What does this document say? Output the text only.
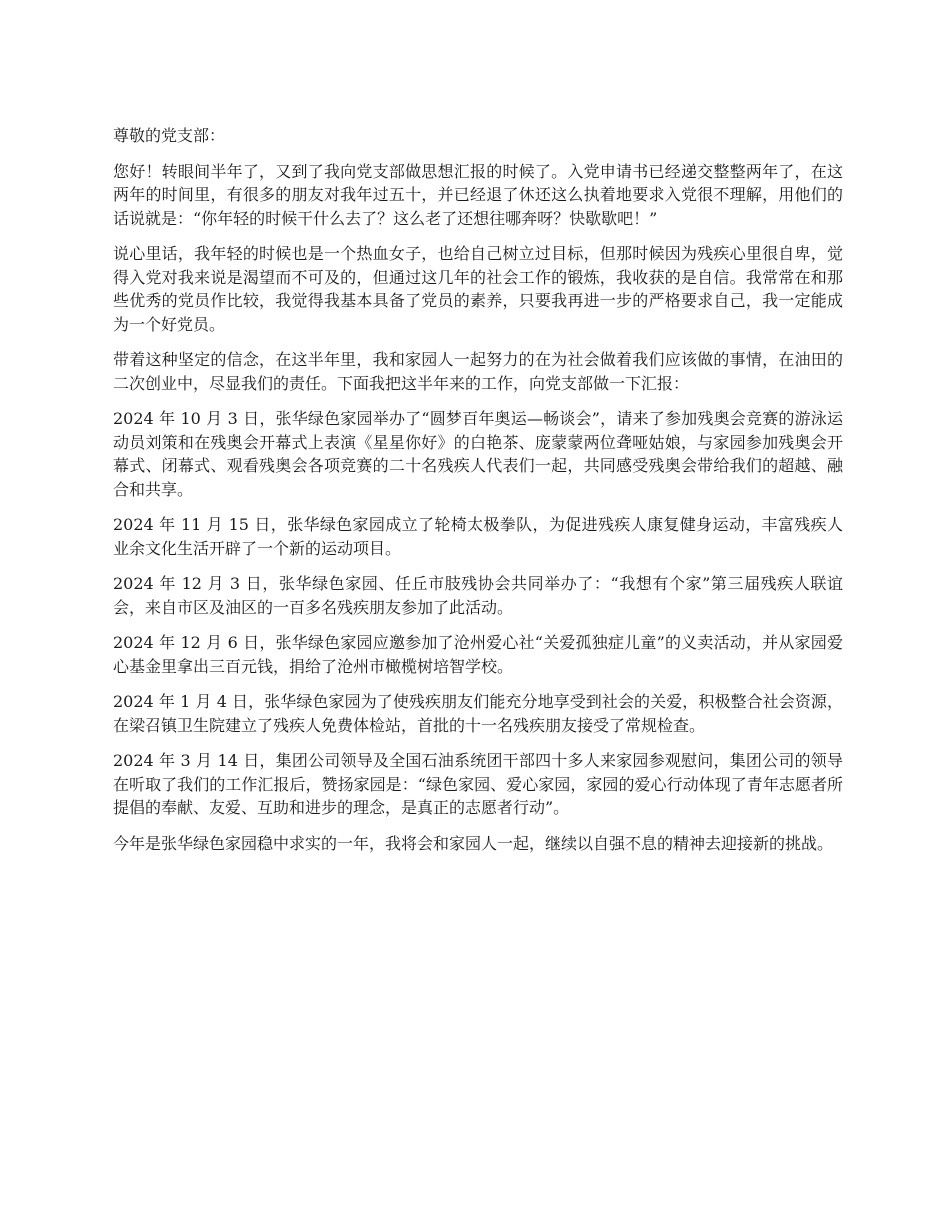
尊敬的党支部：

您好！转眼间半年了，又到了我向党支部做思想汇报的时候了。入党申请书已经递交整整两年了，在这两年的时间里，有很多的朋友对我年过五十，并已经退了休还这么执着地要求入党很不理解，用他们的话说就是：“你年轻的时候干什么去了？这么老了还想往哪奔呀？快歇歇吧！”

说心里话，我年轻的时候也是一个热血女子，也给自己树立过目标，但那时候因为残疾心里很自卑，觉得入党对我来说是渴望而不可及的，但通过这几年的社会工作的锻炼，我收获的是自信。我常常在和那些优秀的党员作比较，我觉得我基本具备了党员的素养，只要我再进一步的严格要求自己，我一定能成为一个好党员。

带着这种坚定的信念，在这半年里，我和家园人一起努力的在为社会做着我们应该做的事情，在油田的二次创业中，尽显我们的责任。下面我把这半年来的工作，向党支部做一下汇报：

2024 年 10 月 3 日，张华绿色家园举办了“圆梦百年奥运—畅谈会”，请来了参加残奥会竞赛的游泳运动员刘策和在残奥会开幕式上表演《星星你好》的白艳茶、庞蒙蒙两位聋哑姑娘，与家园参加残奥会开幕式、闭幕式、观看残奥会各项竞赛的二十名残疾人代表们一起，共同感受残奥会带给我们的超越、融合和共享。

2024 年 11 月 15 日，张华绿色家园成立了轮椅太极拳队，为促进残疾人康复健身运动，丰富残疾人业余文化生活开辟了一个新的运动项目。

2024 年 12 月 3 日，张华绿色家园、任丘市肢残协会共同举办了：“我想有个家”第三届残疾人联谊会，来自市区及油区的一百多名残疾朋友参加了此活动。

2024 年 12 月 6 日，张华绿色家园应邀参加了沧州爱心社“关爱孤独症儿童”的义卖活动，并从家园爱心基金里拿出三百元钱，捐给了沧州市橄榄树培智学校。

2024 年 1 月 4 日，张华绿色家园为了使残疾朋友们能充分地享受到社会的关爱，积极整合社会资源，在梁召镇卫生院建立了残疾人免费体检站，首批的十一名残疾朋友接受了常规检查。

2024 年 3 月 14 日，集团公司领导及全国石油系统团干部四十多人来家园参观慰问，集团公司的领导在听取了我们的工作汇报后，赞扬家园是：“绿色家园、爱心家园，家园的爱心行动体现了青年志愿者所提倡的奉献、友爱、互助和进步的理念，是真正的志愿者行动”。

今年是张华绿色家园稳中求实的一年，我将会和家园人一起，继续以自强不息的精神去迎接新的挑战。
